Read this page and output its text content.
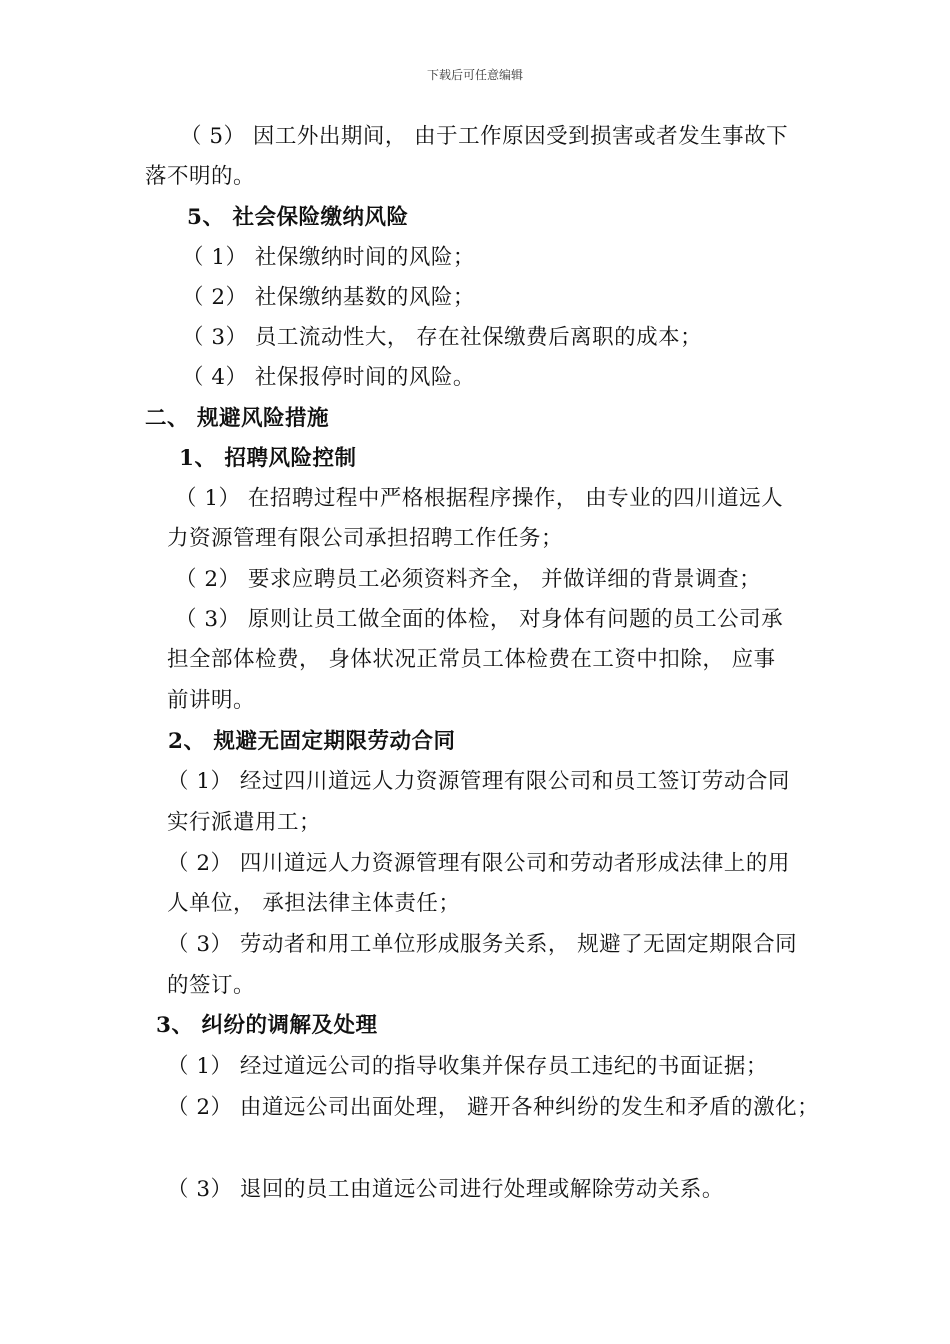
下载后可任意编辑
（ 5） 因工外出期间， 由于工作原因受到损害或者发生事故下
落不明的。
5、 社会保险缴纳风险
（ 1） 社保缴纳时间的风险；
（ 2） 社保缴纳基数的风险；
（ 3） 员工流动性大， 存在社保缴费后离职的成本；
（ 4） 社保报停时间的风险。
二、 规避风险措施
1、 招聘风险控制
（ 1） 在招聘过程中严格根据程序操作， 由专业的四川道远人
力资源管理有限公司承担招聘工作任务；
（ 2） 要求应聘员工必须资料齐全， 并做详细的背景调查；
（ 3） 原则让员工做全面的体检， 对身体有问题的员工公司承
担全部体检费， 身体状况正常员工体检费在工资中扣除， 应事
前讲明。
2、 规避无固定期限劳动合同
（ 1） 经过四川道远人力资源管理有限公司和员工签订劳动合同
实行派遣用工；
（ 2） 四川道远人力资源管理有限公司和劳动者形成法律上的用
人单位， 承担法律主体责任；
（ 3） 劳动者和用工单位形成服务关系， 规避了无固定期限合同
的签订。
3、 纠纷的调解及处理
（ 1） 经过道远公司的指导收集并保存员工违纪的书面证据；
（ 2） 由道远公司出面处理， 避开各种纠纷的发生和矛盾的激化；
（ 3） 退回的员工由道远公司进行处理或解除劳动关系。
